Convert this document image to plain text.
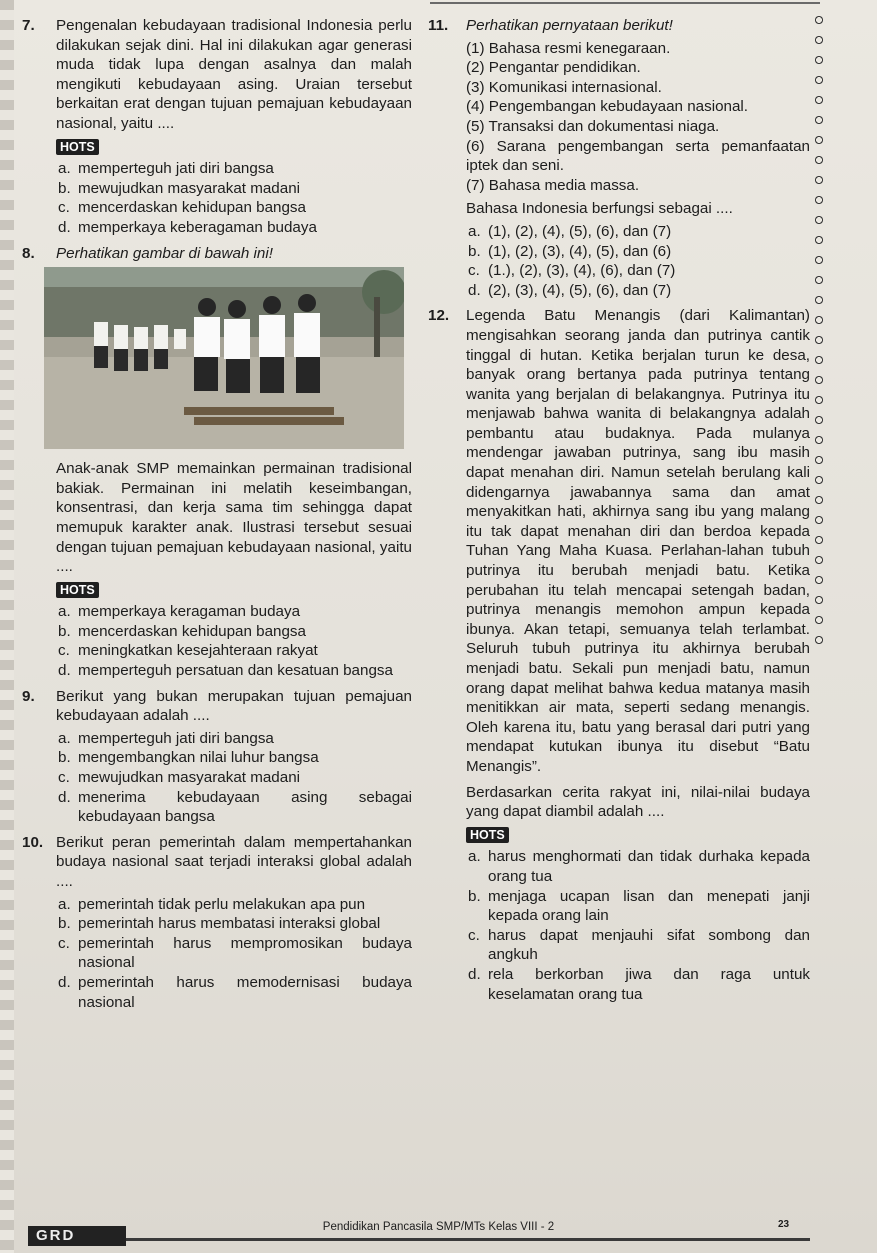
7. Pengenalan kebudayaan tradisional Indonesia perlu dilakukan sejak dini. Hal ini dilakukan agar generasi muda tidak lupa dengan asalnya dan malah mengikuti kebudayaan asing. Uraian tersebut berkaitan erat dengan tujuan pemajuan kebudayaan nasional, yaitu ....
HOTS
a. memperteguh jati diri bangsa
b. mewujudkan masyarakat madani
c. mencerdaskan kehidupan bangsa
d. memperkaya keberagaman budaya
8. Perhatikan gambar di bawah ini!
Anak-anak SMP memainkan permainan tradisional bakiak. Permainan ini melatih keseimbangan, konsentrasi, dan kerja sama tim sehingga dapat memupuk karakter anak. Ilustrasi tersebut sesuai dengan tujuan pemajuan kebudayaan nasional, yaitu ....
HOTS
a. memperkaya keragaman budaya
b. mencerdaskan kehidupan bangsa
c. meningkatkan kesejahteraan rakyat
d. memperteguh persatuan dan kesatuan bangsa
9. Berikut yang bukan merupakan tujuan pemajuan kebudayaan adalah ....
a. memperteguh jati diri bangsa
b. mengembangkan nilai luhur bangsa
c. mewujudkan masyarakat madani
d. menerima kebudayaan asing sebagai kebudayaan bangsa
10. Berikut peran pemerintah dalam mempertahankan budaya nasional saat terjadi interaksi global adalah ....
a. pemerintah tidak perlu melakukan apa pun
b. pemerintah harus membatasi interaksi global
c. pemerintah harus mempromosikan budaya nasional
d. pemerintah harus memodernisasi budaya nasional
11. Perhatikan pernyataan berikut!
(1) Bahasa resmi kenegaraan.
(2) Pengantar pendidikan.
(3) Komunikasi internasional.
(4) Pengembangan kebudayaan nasional.
(5) Transaksi dan dokumentasi niaga.
(6) Sarana pengembangan serta pemanfaatan iptek dan seni.
(7) Bahasa media massa.
Bahasa Indonesia berfungsi sebagai ....
a. (1), (2), (4), (5), (6), dan (7)
b. (1), (2), (3), (4), (5), dan (6)
c. (1.), (2), (3), (4), (6), dan (7)
d. (2), (3), (4), (5), (6), dan (7)
12. Legenda Batu Menangis (dari Kalimantan) mengisahkan seorang janda dan putrinya cantik tinggal di hutan. Ketika berjalan turun ke desa, banyak orang bertanya pada putrinya tentang wanita yang berjalan di belakangnya. Putrinya itu menjawab bahwa wanita di belakangnya adalah pembantu atau budaknya. Pada mulanya mendengar jawaban putrinya, sang ibu masih dapat menahan diri. Namun setelah berulang kali didengarnya jawabannya sama dan amat menyakitkan hati, akhirnya sang ibu yang malang itu tak dapat menahan diri dan berdoa kepada Tuhan Yang Maha Kuasa. Perlahan-lahan tubuh putrinya itu berubah menjadi batu. Ketika perubahan itu telah mencapai setengah badan, putrinya menangis memohon ampun kepada ibunya. Akan tetapi, semuanya telah terlambat. Seluruh tubuh putrinya itu akhirnya berubah menjadi batu. Sekali pun menjadi batu, namun orang dapat melihat bahwa kedua matanya masih menitikkan air mata, seperti sedang menangis. Oleh karena itu, batu yang berasal dari putri yang mendapat kutukan ibunya itu disebut “Batu Menangis”.
Berdasarkan cerita rakyat ini, nilai-nilai budaya yang dapat diambil adalah ....
HOTS
a. harus menghormati dan tidak durhaka kepada orang tua
b. menjaga ucapan lisan dan menepati janji kepada orang lain
c. harus dapat menjauhi sifat sombong dan angkuh
d. rela berkorban jiwa dan raga untuk keselamatan orang tua
GRD	Pendidikan Pancasila SMP/MTs Kelas VIII - 2	23
